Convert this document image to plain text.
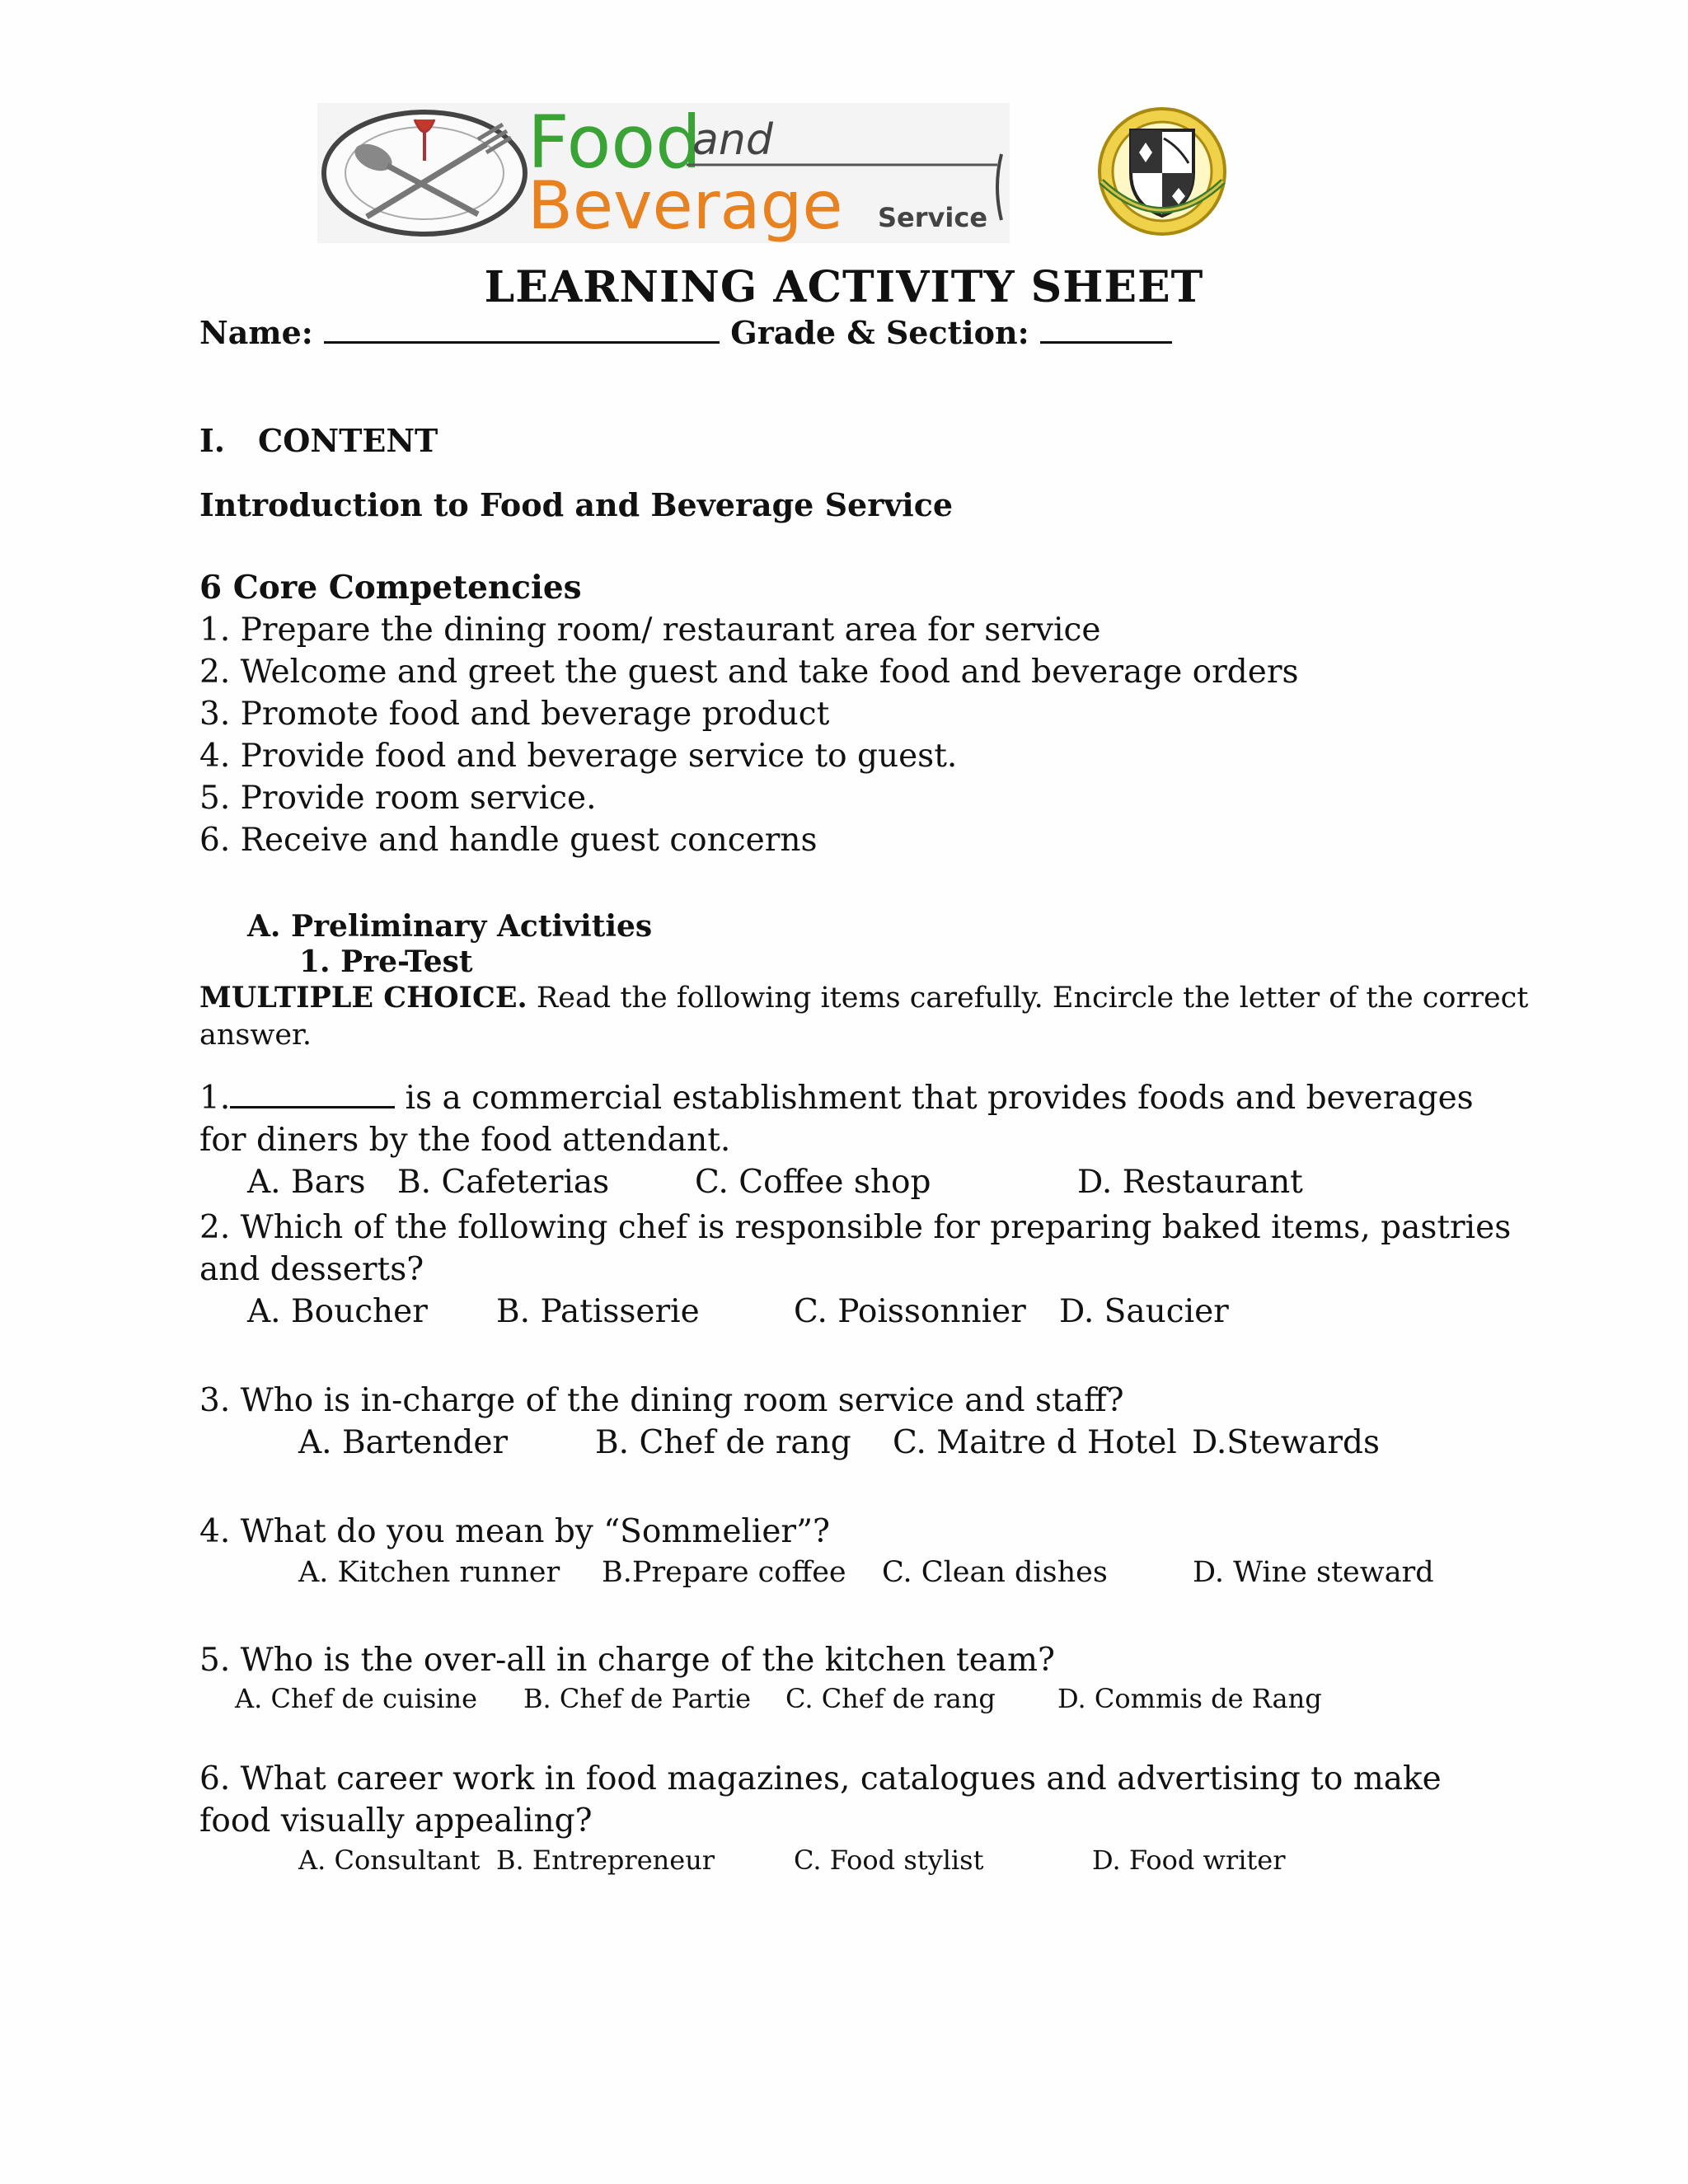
Food
and
Beverage Service
LEARNING ACTIVITY SHEET
Name:	Grade & Section:
I. CONTENT
Introduction to Food and Beverage Service
6 Core Competencies
1. Prepare the dining room/ restaurant area for service
2. Welcome and greet the guest and take food and beverage orders
3. Promote food and beverage product
4. Provide food and beverage service to guest.
5. Provide room service.
6. Receive and handle guest concerns
A. Preliminary Activities
1. Pre-Test
MULTIPLE CHOICE. Read the following items carefully. Encircle the letter of the correct
answer.
1.	is a commercial establishment that provides foods and beverages
for diners by the food attendant.
A. Bars B. Cafeterias	C. Coffee shop	D. Restaurant
2. Which of the following chef is responsible for preparing baked items, pastries
and desserts?
A. Boucher B. Patisserie	C. Poissonnier D. Saucier
3. Who is in-charge of the dining room service and staff?
A. Bartender	B. Chef de rang C. Maitre d Hotel D.Stewards
4. What do you mean by “Sommelier”?
A. Kitchen runner B.Prepare coffee C. Clean dishes	D. Wine steward
5. Who is the over-all in charge of the kitchen team?
A. Chef de cuisine B. Chef de Partie C. Chef de rang D. Commis de Rang
6. What career work in food magazines, catalogues and advertising to make
food visually appealing?
A. Consultant B. Entrepreneur	C. Food stylist	D. Food writer
